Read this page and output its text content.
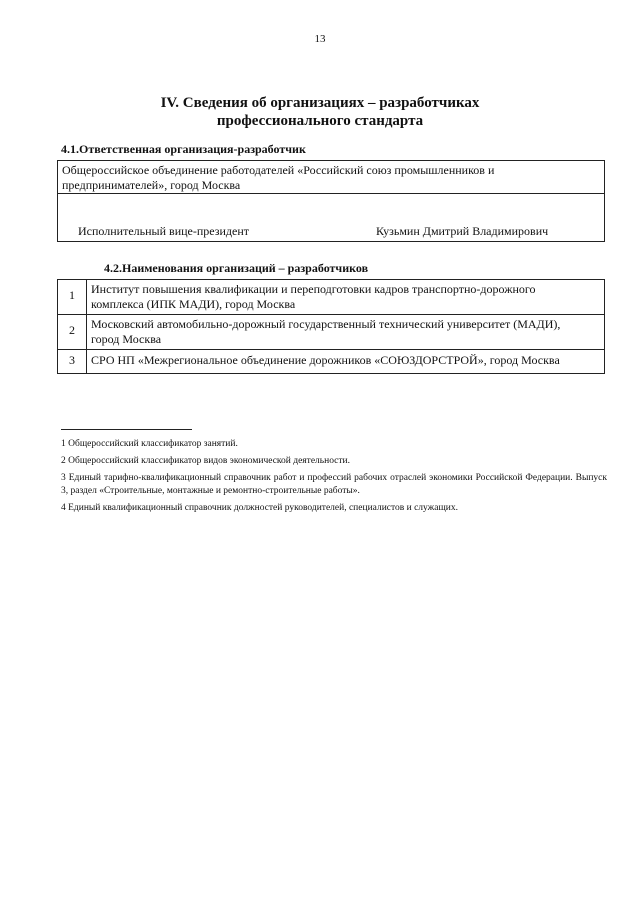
13
IV. Сведения об организациях – разработчиках
профессионального стандарта
4.1.Ответственная организация-разработчик
Общероссийское объединение работодателей «Российский союз промышленников и
предпринимателей», город Москва
Исполнительный вице-президент	Кузьмин Дмитрий Владимирович
4.2.Наименования организаций – разработчиков
1	Институт повышения квалификации и переподготовки кадров транспортно-дорожного
комплекса (ИПК МАДИ), город Москва

2	Московский автомобильно-дорожный государственный технический университет (МАДИ),
город Москва

3	СРО НП «Межрегиональное объединение дорожников «СОЮЗДОРСТРОЙ», город Москва
1 Общероссийский классификатор занятий.
2 Общероссийский классификатор видов экономической деятельности.
3 Единый тарифно-квалификационный справочник работ и профессий рабочих отраслей экономики Российской Федерации. Выпуск 3, раздел «Строительные, монтажные и ремонтно-строительные работы».
4 Единый квалификационный справочник должностей руководителей, специалистов и служащих.
